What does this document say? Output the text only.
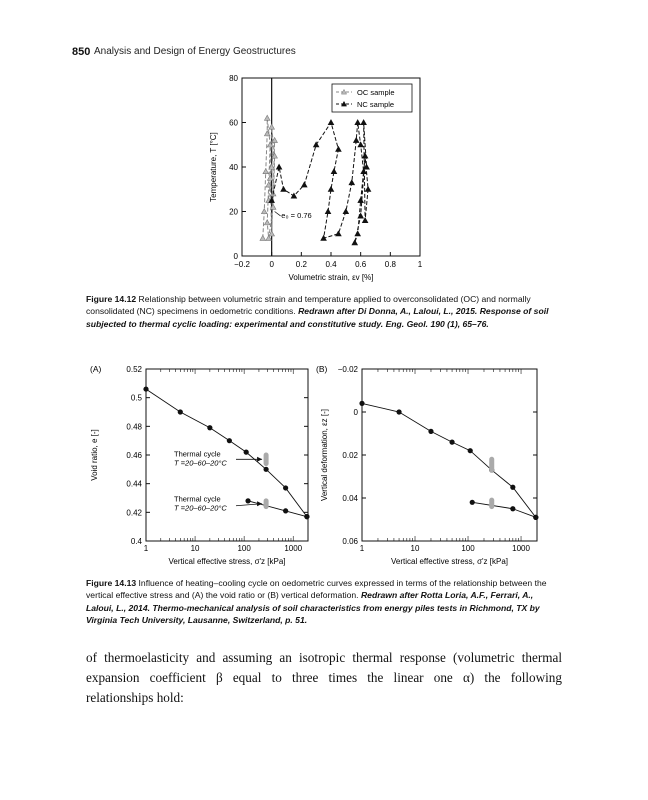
850 Analysis and Design of Energy Geostructures
−0.2 0	0.2 0.4 0.6 0.8	1
0
20
40
60
80
Volumetric strain, εv [%]
Temperature, T [°C]
OC sample
NC sample
e₀ = 0.76
Figure 14.12 Relationship between volumetric strain and temperature applied to overconsolidated (OC) and normally consolidated (NC) specimens in oedometric conditions. Redrawn after Di Donna, A., Laloui, L., 2015. Response of soil subjected to thermal cyclic loading: experimental and constitutive study. Eng. Geol. 190 (1), 65–76.
(A)
1	10	100	1000
0.4
0.42
0.44
0.46
0.48
0.5
0.52
Vertical effective stress, σ'z [kPa]
Void ratio, e [-]	Thermal cycle
T =20–60–20°C
Thermal cycle
T =20–60–20°C
(B)
1	10	100	1000
−0.02
0
0.02
0.04
0.06
Vertical effective stress, σ'z [kPa]
Vertical deformation, εz [-]
Figure 14.13 Influence of heating–cooling cycle on oedometric curves expressed in terms of the relationship between the vertical effective stress and (A) the void ratio or (B) vertical deformation. Redrawn after Rotta Loria, A.F., Ferrari, A., Laloui, L., 2014. Thermo-mechanical analysis of soil characteristics from energy piles tests in Richmond, TX by Virginia Tech University, Lausanne, Switzerland, p. 51.
of thermoelasticity and assuming an isotropic thermal response (volumetric thermal expansion coefficient β equal to three times the linear one α) the following
relationships hold:
